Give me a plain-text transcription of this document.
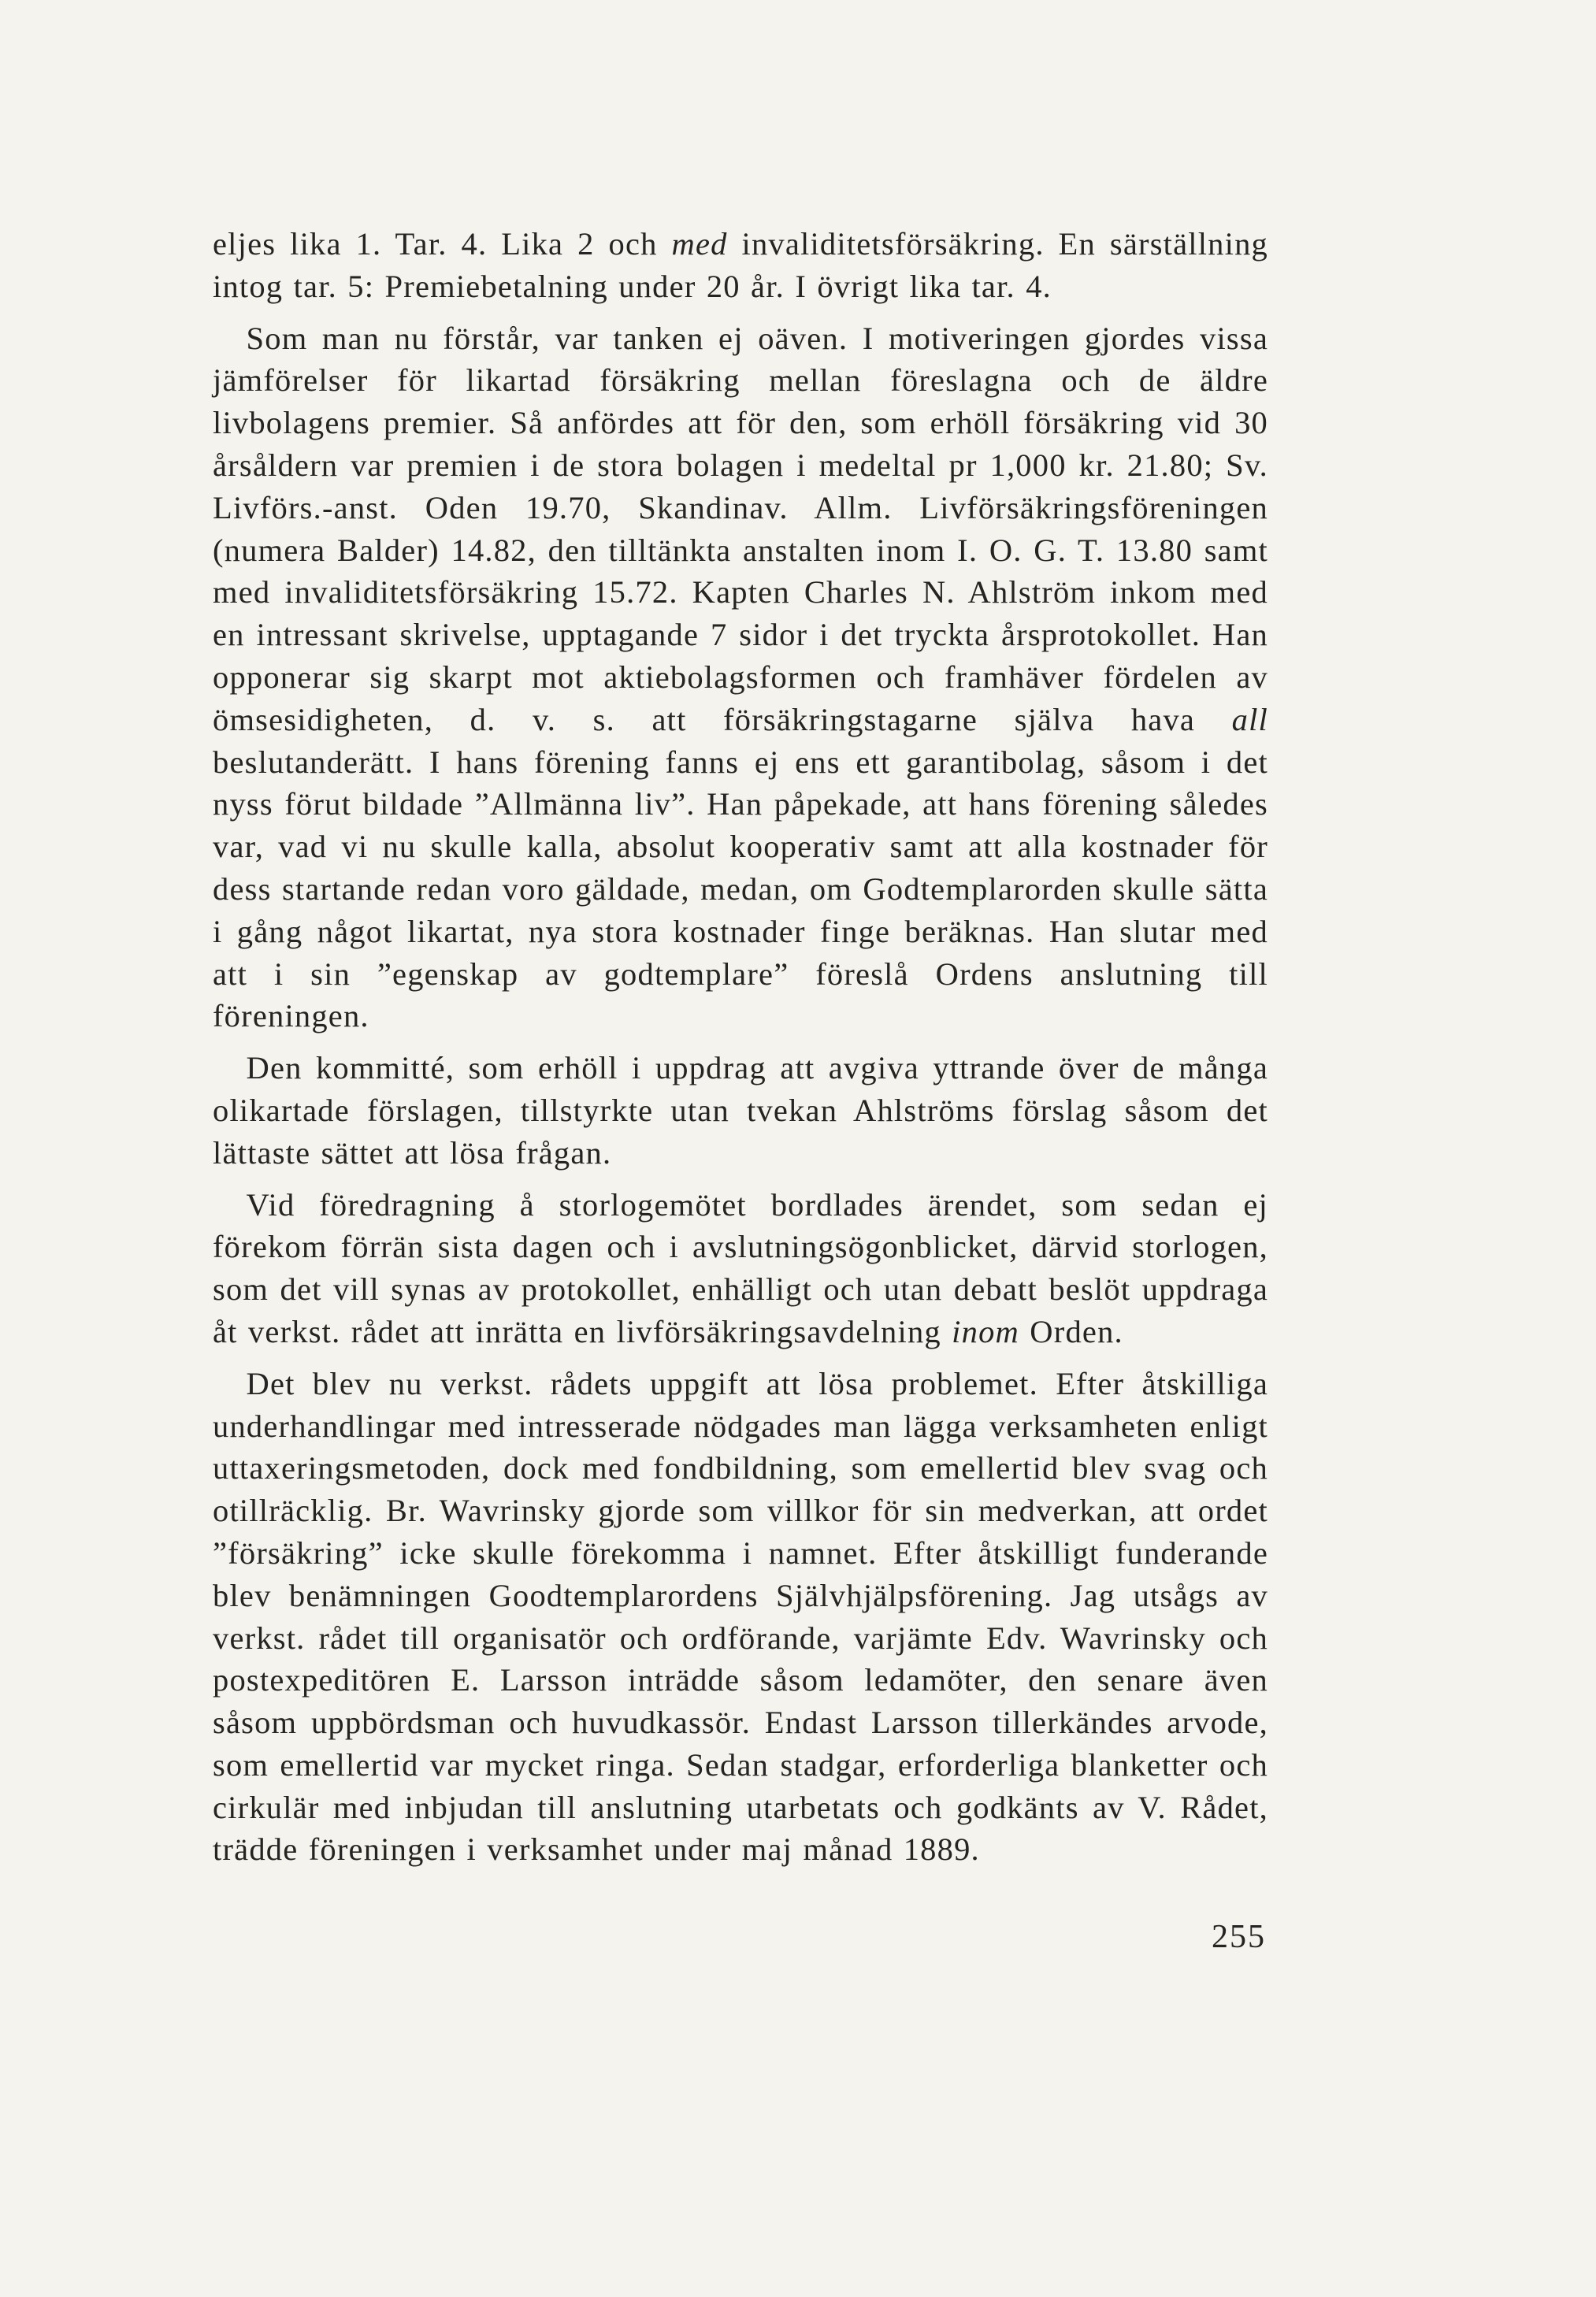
eljes lika 1. Tar. 4. Lika 2 och med invaliditetsförsäkring. En särställning intog tar. 5: Premiebetalning under 20 år. I övrigt lika tar. 4.

Som man nu förstår, var tanken ej oäven. I motiveringen gjordes vissa jämförelser för likartad försäkring mellan föreslagna och de äldre livbolagens premier. Så anfördes att för den, som erhöll försäkring vid 30 årsåldern var premien i de stora bolagen i medeltal pr 1,000 kr. 21.80; Sv. Livförs.-anst. Oden 19.70, Skandinav. Allm. Livförsäkringsföreningen (numera Balder) 14.82, den tilltänkta anstalten inom I. O. G. T. 13.80 samt med invaliditetsförsäkring 15.72. Kapten Charles N. Ahlström inkom med en intressant skrivelse, upptagande 7 sidor i det tryckta årsprotokollet. Han opponerar sig skarpt mot aktiebolagsformen och framhäver fördelen av ömsesidigheten, d. v. s. att försäkringstagarne själva hava all beslutanderätt. I hans förening fanns ej ens ett garantibolag, såsom i det nyss förut bildade ”Allmänna liv”. Han påpekade, att hans förening således var, vad vi nu skulle kalla, absolut kooperativ samt att alla kostnader för dess startande redan voro gäldade, medan, om Godtemplarorden skulle sätta i gång något likartat, nya stora kostnader finge beräknas. Han slutar med att i sin ”egenskap av godtemplare” föreslå Ordens anslutning till föreningen.

Den kommitté, som erhöll i uppdrag att avgiva yttrande över de många olikartade förslagen, tillstyrkte utan tvekan Ahlströms förslag såsom det lättaste sättet att lösa frågan.

Vid föredragning å storlogemötet bordlades ärendet, som sedan ej förekom förrän sista dagen och i avslutningsögonblicket, därvid storlogen, som det vill synas av protokollet, enhälligt och utan debatt beslöt uppdraga åt verkst. rådet att inrätta en livförsäkringsavdelning inom Orden.

Det blev nu verkst. rådets uppgift att lösa problemet. Efter åtskilliga underhandlingar med intresserade nödgades man lägga verksamheten enligt uttaxeringsmetoden, dock med fondbildning, som emellertid blev svag och otillräcklig. Br. Wavrinsky gjorde som villkor för sin medverkan, att ordet ”försäkring” icke skulle förekomma i namnet. Efter åtskilligt funderande blev benämningen Goodtemplarordens Självhjälpsförening. Jag utsågs av verkst. rådet till organisatör och ordförande, varjämte Edv. Wavrinsky och postexpeditören E. Larsson inträdde såsom ledamöter, den senare även såsom uppbördsman och huvudkassör. Endast Larsson tillerkändes arvode, som emellertid var mycket ringa. Sedan stadgar, erforderliga blanketter och cirkulär med inbjudan till anslutning utarbetats och godkänts av V. Rådet, trädde föreningen i verksamhet under maj månad 1889.

255
